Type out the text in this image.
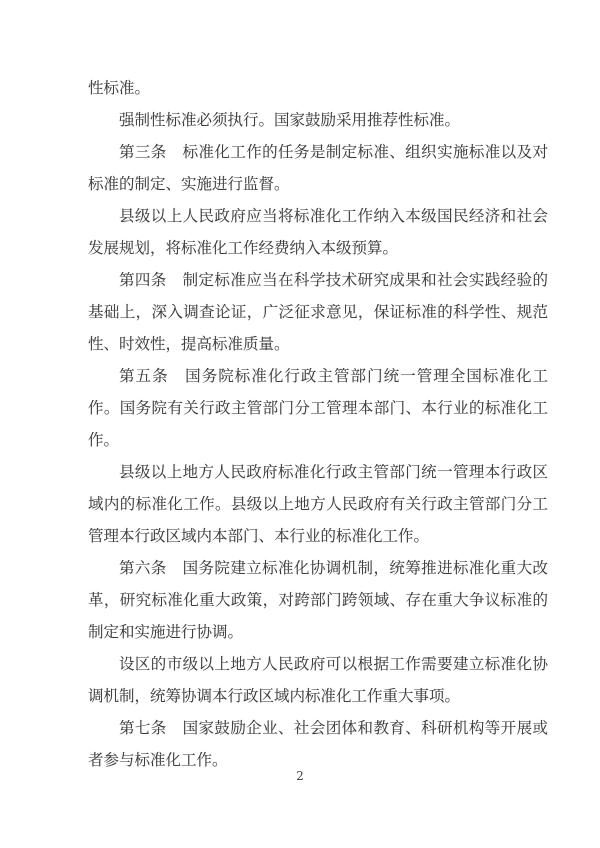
性标准。

强制性标准必须执行。国家鼓励采用推荐性标准。

第三条　标准化工作的任务是制定标准、组织实施标准以及对标准的制定、实施进行监督。

县级以上人民政府应当将标准化工作纳入本级国民经济和社会发展规划，将标准化工作经费纳入本级预算。

第四条　制定标准应当在科学技术研究成果和社会实践经验的基础上，深入调查论证，广泛征求意见，保证标准的科学性、规范性、时效性，提高标准质量。

第五条　国务院标准化行政主管部门统一管理全国标准化工作。国务院有关行政主管部门分工管理本部门、本行业的标准化工作。

县级以上地方人民政府标准化行政主管部门统一管理本行政区域内的标准化工作。县级以上地方人民政府有关行政主管部门分工管理本行政区域内本部门、本行业的标准化工作。

第六条　国务院建立标准化协调机制，统筹推进标准化重大改革，研究标准化重大政策，对跨部门跨领域、存在重大争议标准的制定和实施进行协调。

设区的市级以上地方人民政府可以根据工作需要建立标准化协调机制，统筹协调本行政区域内标准化工作重大事项。

第七条　国家鼓励企业、社会团体和教育、科研机构等开展或者参与标准化工作。

2
